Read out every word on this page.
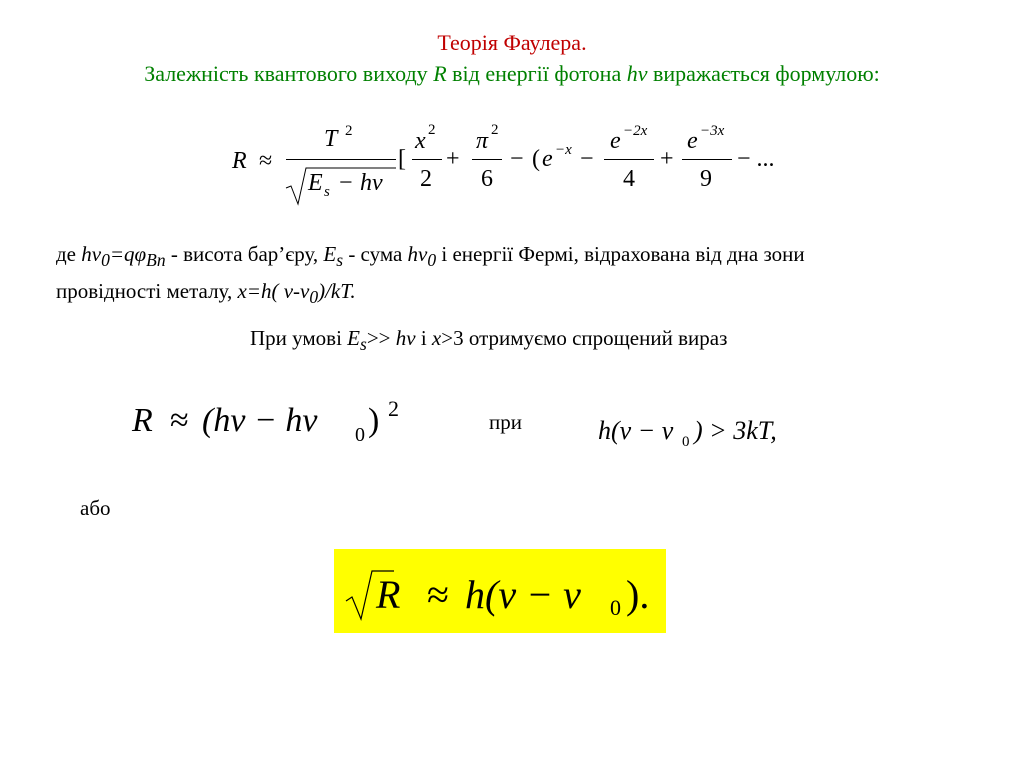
Теорія Фаулера.
Залежність квантового виходу R від енергії фотона hν виражається формулою:
R ≈
T 2
E s − hν
[
x 2
2
+
π 2
6
− ( e −x −
e −2x
4
+
e −3x
9
− ...
де $h\nu_0=q\varphi_{Bn}$ - висота бар’єру, $E_s$ - сума $h\nu_0$ і енергії Фермі, відрахована від дна зони
провідності металу, x=h( $\nu-\nu_0)/kT$.
При умові $E_s>> h\nu$ і x>3 отримуємо спрощений вираз
R ≈ (hν − hν 0 ) 2
при	h(ν − ν 0 ) > 3kT,
або
R ≈ h(ν − ν 0 ).
